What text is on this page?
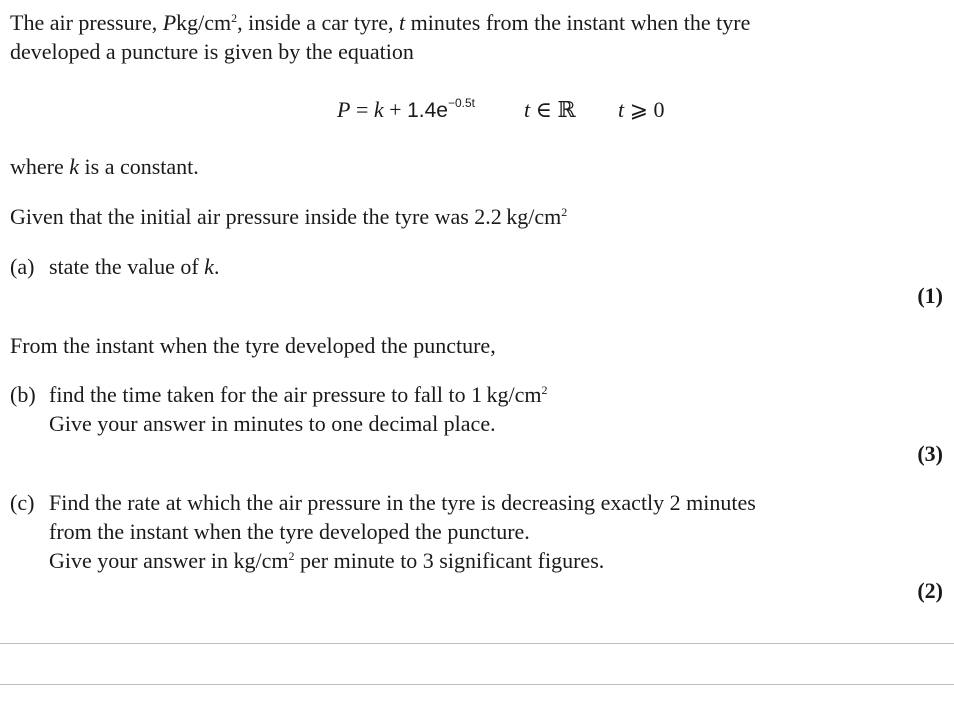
The air pressure, Pkg/$cm^2$, inside a car tyre, t minutes from the instant when the tyre
developed a puncture is given by the equation
$P = k + 1.4e^{-0.5t}$ t ∈ ℝ t ⩾ 0
where k is a constant.
Given that the initial air pressure inside the tyre was 2.2 $kg/cm^2$
(a) state the value of k.
(1)
From the instant when the tyre developed the puncture,
(b) find the time taken for the air pressure to fall to 1 $kg/cm^2$
Give your answer in minutes to one decimal place.
(3)
(c) Find the rate at which the air pressure in the tyre is decreasing exactly 2 minutes
from the instant when the tyre developed the puncture.
Give your answer in $kg/cm^2$ per minute to 3 significant figures.
(2)
